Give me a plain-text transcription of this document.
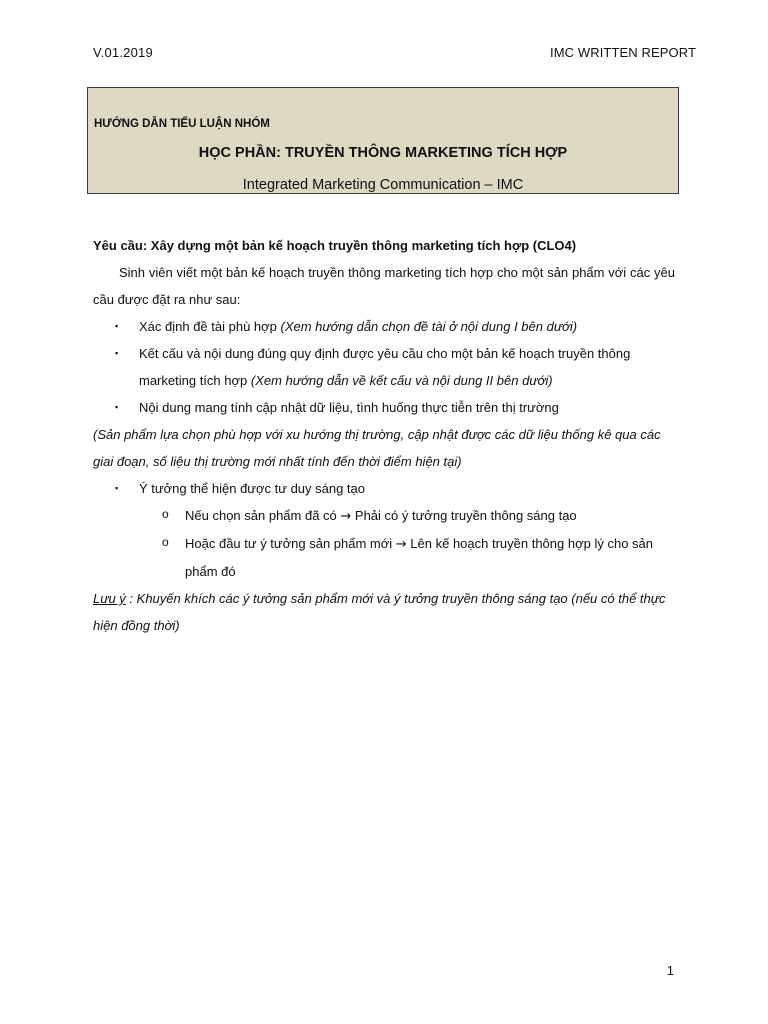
V.01.2019	IMC WRITTEN REPORT
HƯỚNG DẪN TIỂU LUẬN NHÓM
HỌC PHẦN: TRUYỀN THÔNG MARKETING TÍCH HỢP
Integrated Marketing Communication – IMC

Yêu cầu: Xây dựng một bản kế hoạch truyền thông marketing tích hợp (CLO4)

Sinh viên viết một bản kế hoạch truyền thông marketing tích hợp cho một sản phẩm với các yêu cầu được đặt ra như sau:

▪ Xác định đề tài phù hợp (Xem hướng dẫn chọn đề tài ở nội dung I bên dưới)

▪ Kết cấu và nội dung đúng quy định được yêu cầu cho một bản kế hoạch truyền thông marketing tích hợp (Xem hướng dẫn về kết cấu và nội dung II bên dưới)

▪ Nội dung mang tính cập nhật dữ liệu, tình huống thực tiễn trên thị trường

(Sản phẩm lựa chọn phù hợp với xu hướng thị trường, cập nhật được các dữ liệu thống kê qua các giai đoạn, số liệu thị trường mới nhất tính đến thời điểm hiện tại)

▪ Ý tưởng thể hiện được tư duy sáng tạo

o Nếu chọn sản phẩm đã có → Phải có ý tưởng truyền thông sáng tạo

o Hoặc đầu tư ý tưởng sản phẩm mới → Lên kế hoạch truyền thông hợp lý cho sản phẩm đó

Lưu ý : Khuyến khích các ý tưởng sản phẩm mới và ý tưởng truyền thông sáng tạo (nếu có thể thực hiện đồng thời)

1
